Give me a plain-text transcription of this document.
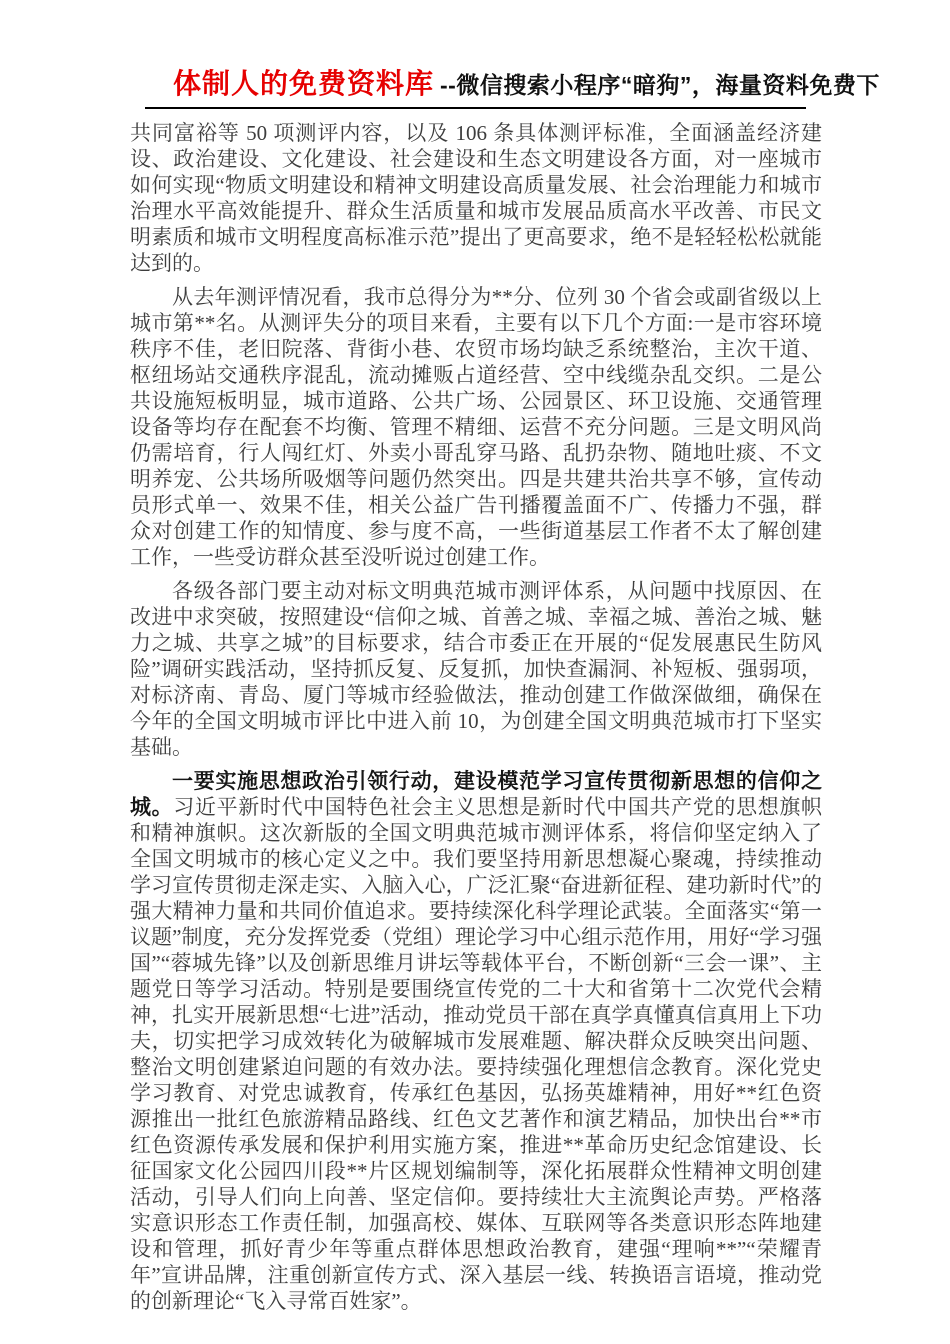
体制人的免费资料库 --微信搜索小程序“暗狗”，海量资料免费下

共同富裕等 50 项测评内容，以及 106 条具体测评标准，全面涵盖经济建设、政治建设、文化建设、社会建设和生态文明建设各方面，对一座城市如何实现“物质文明建设和精神文明建设高质量发展、社会治理能力和城市治理水平高效能提升、群众生活质量和城市发展品质高水平改善、市民文明素质和城市文明程度高标准示范”提出了更高要求，绝不是轻轻松松就能达到的。

从去年测评情况看，我市总得分为**分、位列 30 个省会或副省级以上城市第**名。从测评失分的项目来看，主要有以下几个方面:一是市容环境秩序不佳，老旧院落、背街小巷、农贸市场均缺乏系统整治，主次干道、枢纽场站交通秩序混乱，流动摊贩占道经营、空中线缆杂乱交织。二是公共设施短板明显，城市道路、公共广场、公园景区、环卫设施、交通管理设备等均存在配套不均衡、管理不精细、运营不充分问题。三是文明风尚仍需培育，行人闯红灯、外卖小哥乱穿马路、乱扔杂物、随地吐痰、不文明养宠、公共场所吸烟等问题仍然突出。四是共建共治共享不够，宣传动员形式单一、效果不佳，相关公益广告刊播覆盖面不广、传播力不强，群众对创建工作的知情度、参与度不高，一些街道基层工作者不太了解创建工作，一些受访群众甚至没听说过创建工作。

各级各部门要主动对标文明典范城市测评体系，从问题中找原因、在改进中求突破，按照建设“信仰之城、首善之城、幸福之城、善治之城、魅力之城、共享之城”的目标要求，结合市委正在开展的“促发展惠民生防风险”调研实践活动，坚持抓反复、反复抓，加快查漏洞、补短板、强弱项，对标济南、青岛、厦门等城市经验做法，推动创建工作做深做细，确保在今年的全国文明城市评比中进入前 10，为创建全国文明典范城市打下坚实基础。

一要实施思想政治引领行动，建设模范学习宣传贯彻新思想的信仰之城。习近平新时代中国特色社会主义思想是新时代中国共产党的思想旗帜和精神旗帜。这次新版的全国文明典范城市测评体系，将信仰坚定纳入了全国文明城市的核心定义之中。我们要坚持用新思想凝心聚魂，持续推动学习宣传贯彻走深走实、入脑入心，广泛汇聚“奋进新征程、建功新时代”的强大精神力量和共同价值追求。要持续深化科学理论武装。全面落实“第一议题”制度，充分发挥党委（党组）理论学习中心组示范作用，用好“学习强国”“蓉城先锋”以及创新思维月讲坛等载体平台，不断创新“三会一课”、主题党日等学习活动。特别是要围绕宣传党的二十大和省第十二次党代会精神，扎实开展新思想“七进”活动，推动党员干部在真学真懂真信真用上下功夫，切实把学习成效转化为破解城市发展难题、解决群众反映突出问题、整治文明创建紧迫问题的有效办法。要持续强化理想信念教育。深化党史学习教育、对党忠诚教育，传承红色基因，弘扬英雄精神，用好**红色资源推出一批红色旅游精品路线、红色文艺著作和演艺精品，加快出台**市红色资源传承发展和保护利用实施方案，推进**革命历史纪念馆建设、长征国家文化公园四川段**片区规划编制等，深化拓展群众性精神文明创建活动，引导人们向上向善、坚定信仰。要持续壮大主流舆论声势。严格落实意识形态工作责任制，加强高校、媒体、互联网等各类意识形态阵地建设和管理，抓好青少年等重点群体思想政治教育，建强“理响**”“荣耀青年”宣讲品牌，注重创新宣传方式、深入基层一线、转换语言语境，推动党的创新理论“飞入寻常百姓家”。
